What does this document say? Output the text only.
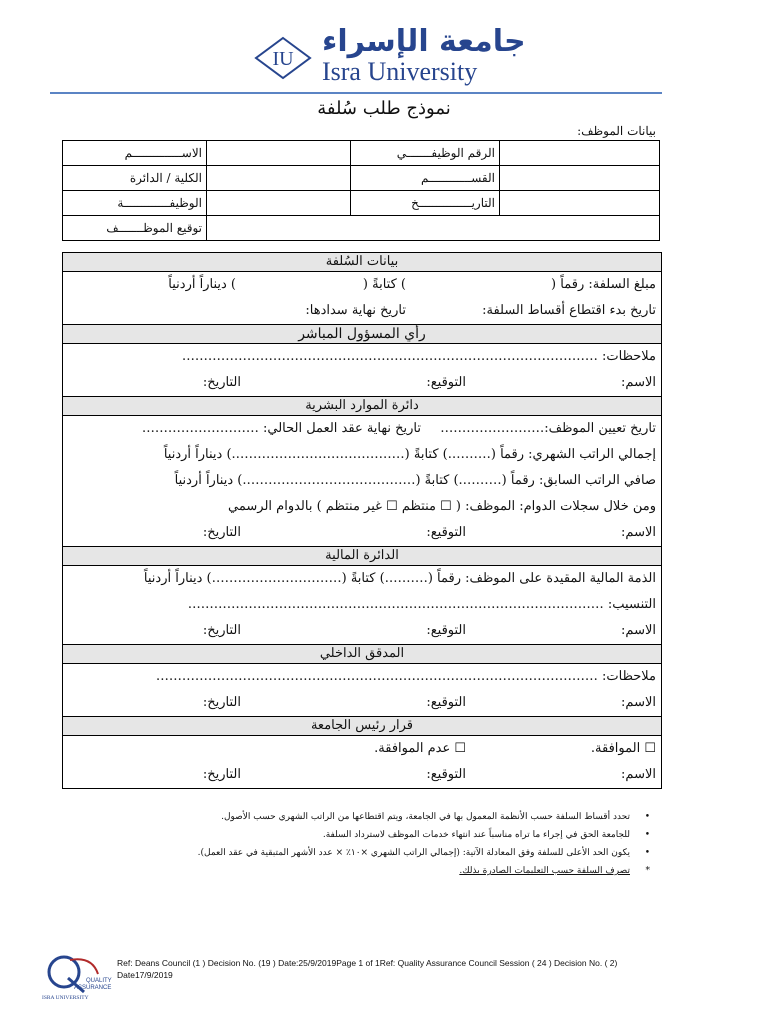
IU جامعة الإسراء
Isra University
نموذج طلب سُلفة
بيانات الموظف:
الاســــــــــــــم		الرقم الوظيفـــــــي	
الكلية / الدائرة		القســــــــــــم	
الوظيفـــــــــــــة		التاريـــــــــــــــخ	
توقيع الموظـــــــف			
بيانات السُلفة
مبلغ السلفة: رقماً (
) كتابةً (
) ديناراً أردنياً
تاريخ بدء اقتطاع أقساط السلفة:
تاريخ نهاية سدادها:
رأي المسؤول المباشر
ملاحظات: ……………………………………………………………………………………
الاسم:
التوقيع:
التاريخ:
دائرة الموارد البشرية
تاريخ تعيين الموظف:……………………
تاريخ نهاية عقد العمل الحالي: ………………………
إجمالي الراتب الشهري: رقماً (……….) كتابةً (………………………………….) ديناراً أردنياً
صافي الراتب السابق: رقماً (……….) كتابةً (………………………………….) ديناراً أردنياً
ومن خلال سجلات الدوام: الموظف: ( ☐ منتظم ☐ غير منتظم ) بالدوام الرسمي
الاسم:
التوقيع:
التاريخ:
الدائرة المالية
الذمة المالية المقيدة على الموظف: رقماً (……….) كتابةً (…………………………) ديناراً أردنياً
التنسيب: ……………………………………………………………………………………
الاسم:
التوقيع:
التاريخ:
المدقق الداخلي
ملاحظات: …………………………………………………………………………………………
الاسم:
التوقيع:
التاريخ:
قرار رئيس الجامعة
☐ الموافقة.
☐ عدم الموافقة.
الاسم:
التوقيع:
التاريخ:
•
تحدد أقساط السلفة حسب الأنظمة المعمول بها في الجامعة، ويتم اقتطاعها من الراتب الشهري حسب الأصول.
•
للجامعة الحق في إجراء ما تراه مناسباً عند انتهاء خدمات الموظف لاسترداد السلفة.
•
يكون الحد الأعلى للسلفة وفق المعادلة الآتية: (إجمالي الراتب الشهري ×١٠٪ × عدد الأشهر المتبقية في عقد العمل).
*
تصرف السلفة حسب التعليمات الصادرة بذلك.
QUALITY
ASSURANCE
ISRA UNIVERSITY
Ref: Deans Council (1 ) Decision No. (19 ) Date:25/9/2019Page 1 of 1Ref: Quality Assurance Council Session ( 24 ) Decision No. ( 2) Date17/9/2019
